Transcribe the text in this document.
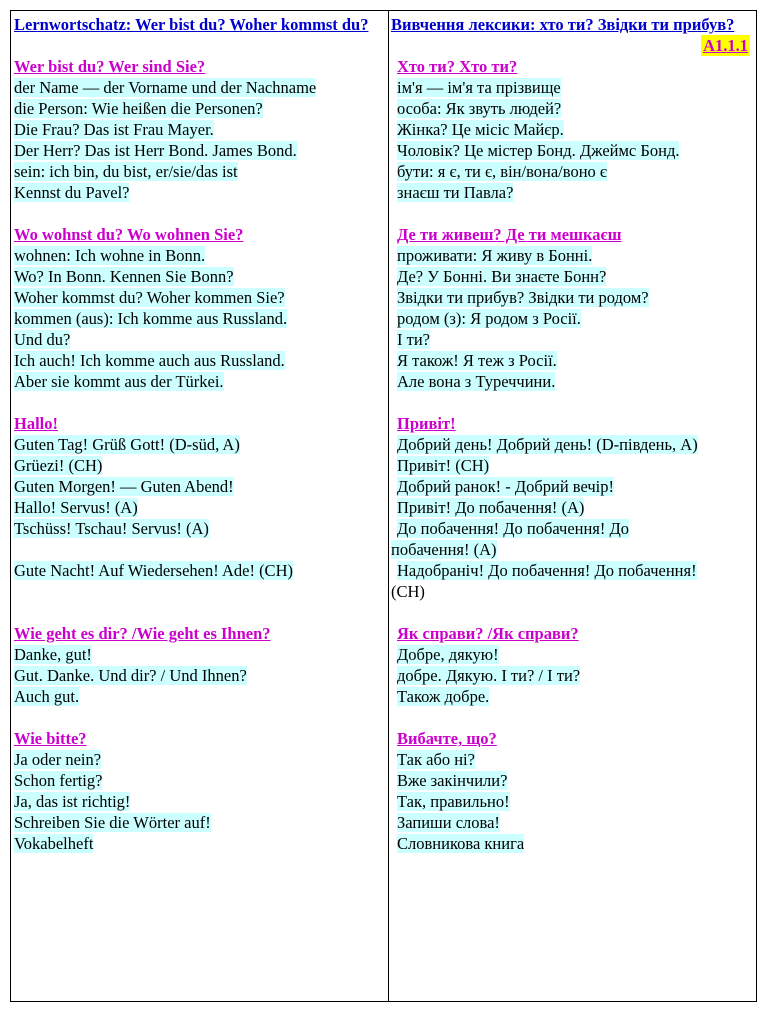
Lernwortschatz: Wer bist du? Woher kommst du?
Wer bist du? Wer sind Sie?
der Name — der Vorname und der Nachname
die Person: Wie heißen die Personen?
Die Frau? Das ist Frau Mayer.
Der Herr? Das ist Herr Bond. James Bond.
sein: ich bin, du bist, er/sie/das ist
Kennst du Pavel?
Wo wohnst du? Wo wohnen Sie?
wohnen: Ich wohne in Bonn.
Wo? In Bonn. Kennen Sie Bonn?
Woher kommst du? Woher kommen Sie?
kommen (aus): Ich komme aus Russland.
Und du?
Ich auch! Ich komme auch aus Russland.
Aber sie kommt aus der Türkei.
Hallo!
Guten Tag! Grüß Gott! (D-süd, A)
Grüezi! (CH)
Guten Morgen! — Guten Abend!
Hallo! Servus! (A)
Tschüss! Tschau! Servus! (A)
Gute Nacht! Auf Wiedersehen! Ade! (CH)
Wie geht es dir? /Wie geht es Ihnen?
Danke, gut!
Gut. Danke. Und dir? / Und Ihnen?
Auch gut.
Wie bitte?
Ja oder nein?
Schon fertig?
Ja, das ist richtig!
Schreiben Sie die Wörter auf!
Vokabelheft
Вивчення лексики: хто ти? Звідки ти прибув?
A1.1.1
Хто ти? Хто ти?
ім'я — ім'я та прізвище
особа: Як звуть людей?
Жінка? Це місіс Майєр.
Чоловік? Це містер Бонд. Джеймс Бонд.
бути: я є, ти є, він/вона/воно є
знаєш ти Павла?
Де ти живеш? Де ти мешкаєш
проживати: Я живу в Бонні.
Де? У Бонні. Ви знаєте Бонн?
Звідки ти прибув? Звідки ти родом?
родом (з): Я родом з Росії.
І ти?
Я також! Я теж з Росії.
Але вона з Туреччини.
Привіт!
Добрий день! Добрий день! (D-південь, A)
Привіт! (CH)
Добрий ранок! - Добрий вечір!
Привіт! До побачення! (A)
До побачення! До побачення! До
побачення! (A)
Надобраніч! До побачення! До побачення!
(CH)
Як справи? /Як справи?
Добре, дякую!
добре. Дякую. І ти? / І ти?
Також добре.
Вибачте, що?
Так або ні?
Вже закінчили?
Так, правильно!
Запиши слова!
Словникова книга
